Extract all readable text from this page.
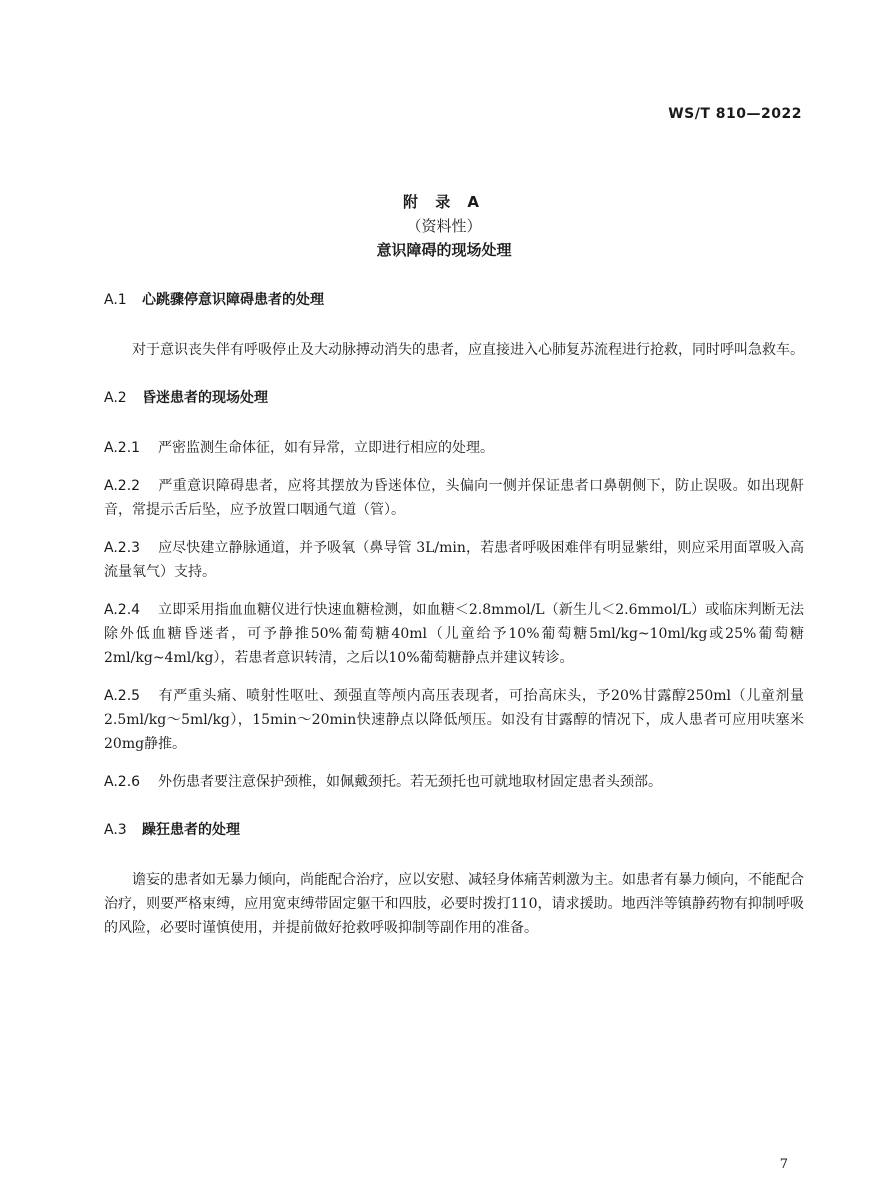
WS/T 810—2022
附 录 A
（资料性）
意识障碍的现场处理
A.1 心跳骤停意识障碍患者的处理

对于意识丧失伴有呼吸停止及大动脉搏动消失的患者，应直接进入心肺复苏流程进行抢救，同时呼叫急救车。

A.2 昏迷患者的现场处理

A.2.1 严密监测生命体征，如有异常，立即进行相应的处理。

A.2.2 严重意识障碍患者，应将其摆放为昏迷体位，头偏向一侧并保证患者口鼻朝侧下，防止误吸。如出现鼾音，常提示舌后坠，应予放置口咽通气道（管）。

A.2.3 应尽快建立静脉通道，并予吸氧（鼻导管 3L/min，若患者呼吸困难伴有明显紫绀，则应采用面罩吸入高流量氧气）支持。

A.2.4 立即采用指血血糖仪进行快速血糖检测，如血糖＜2.8mmol/L（新生儿＜2.6mmol/L）或临床判断无法除外低血糖昏迷者，可予静推50%葡萄糖40ml（儿童给予10%葡萄糖5ml/kg~10ml/kg或25%葡萄糖2ml/kg~4ml/kg），若患者意识转清，之后以10%葡萄糖静点并建议转诊。

A.2.5 有严重头痛、喷射性呕吐、颈强直等颅内高压表现者，可抬高床头，予20%甘露醇250ml（儿童剂量2.5ml/kg～5ml/kg），15min～20min快速静点以降低颅压。如没有甘露醇的情况下，成人患者可应用呋塞米20mg静推。

A.2.6 外伤患者要注意保护颈椎，如佩戴颈托。若无颈托也可就地取材固定患者头颈部。

A.3 躁狂患者的处理

谵妄的患者如无暴力倾向，尚能配合治疗，应以安慰、减轻身体痛苦刺激为主。如患者有暴力倾向，不能配合治疗，则要严格束缚，应用宽束缚带固定躯干和四肢，必要时拨打110，请求援助。地西泮等镇静药物有抑制呼吸的风险，必要时谨慎使用，并提前做好抢救呼吸抑制等副作用的准备。

7
